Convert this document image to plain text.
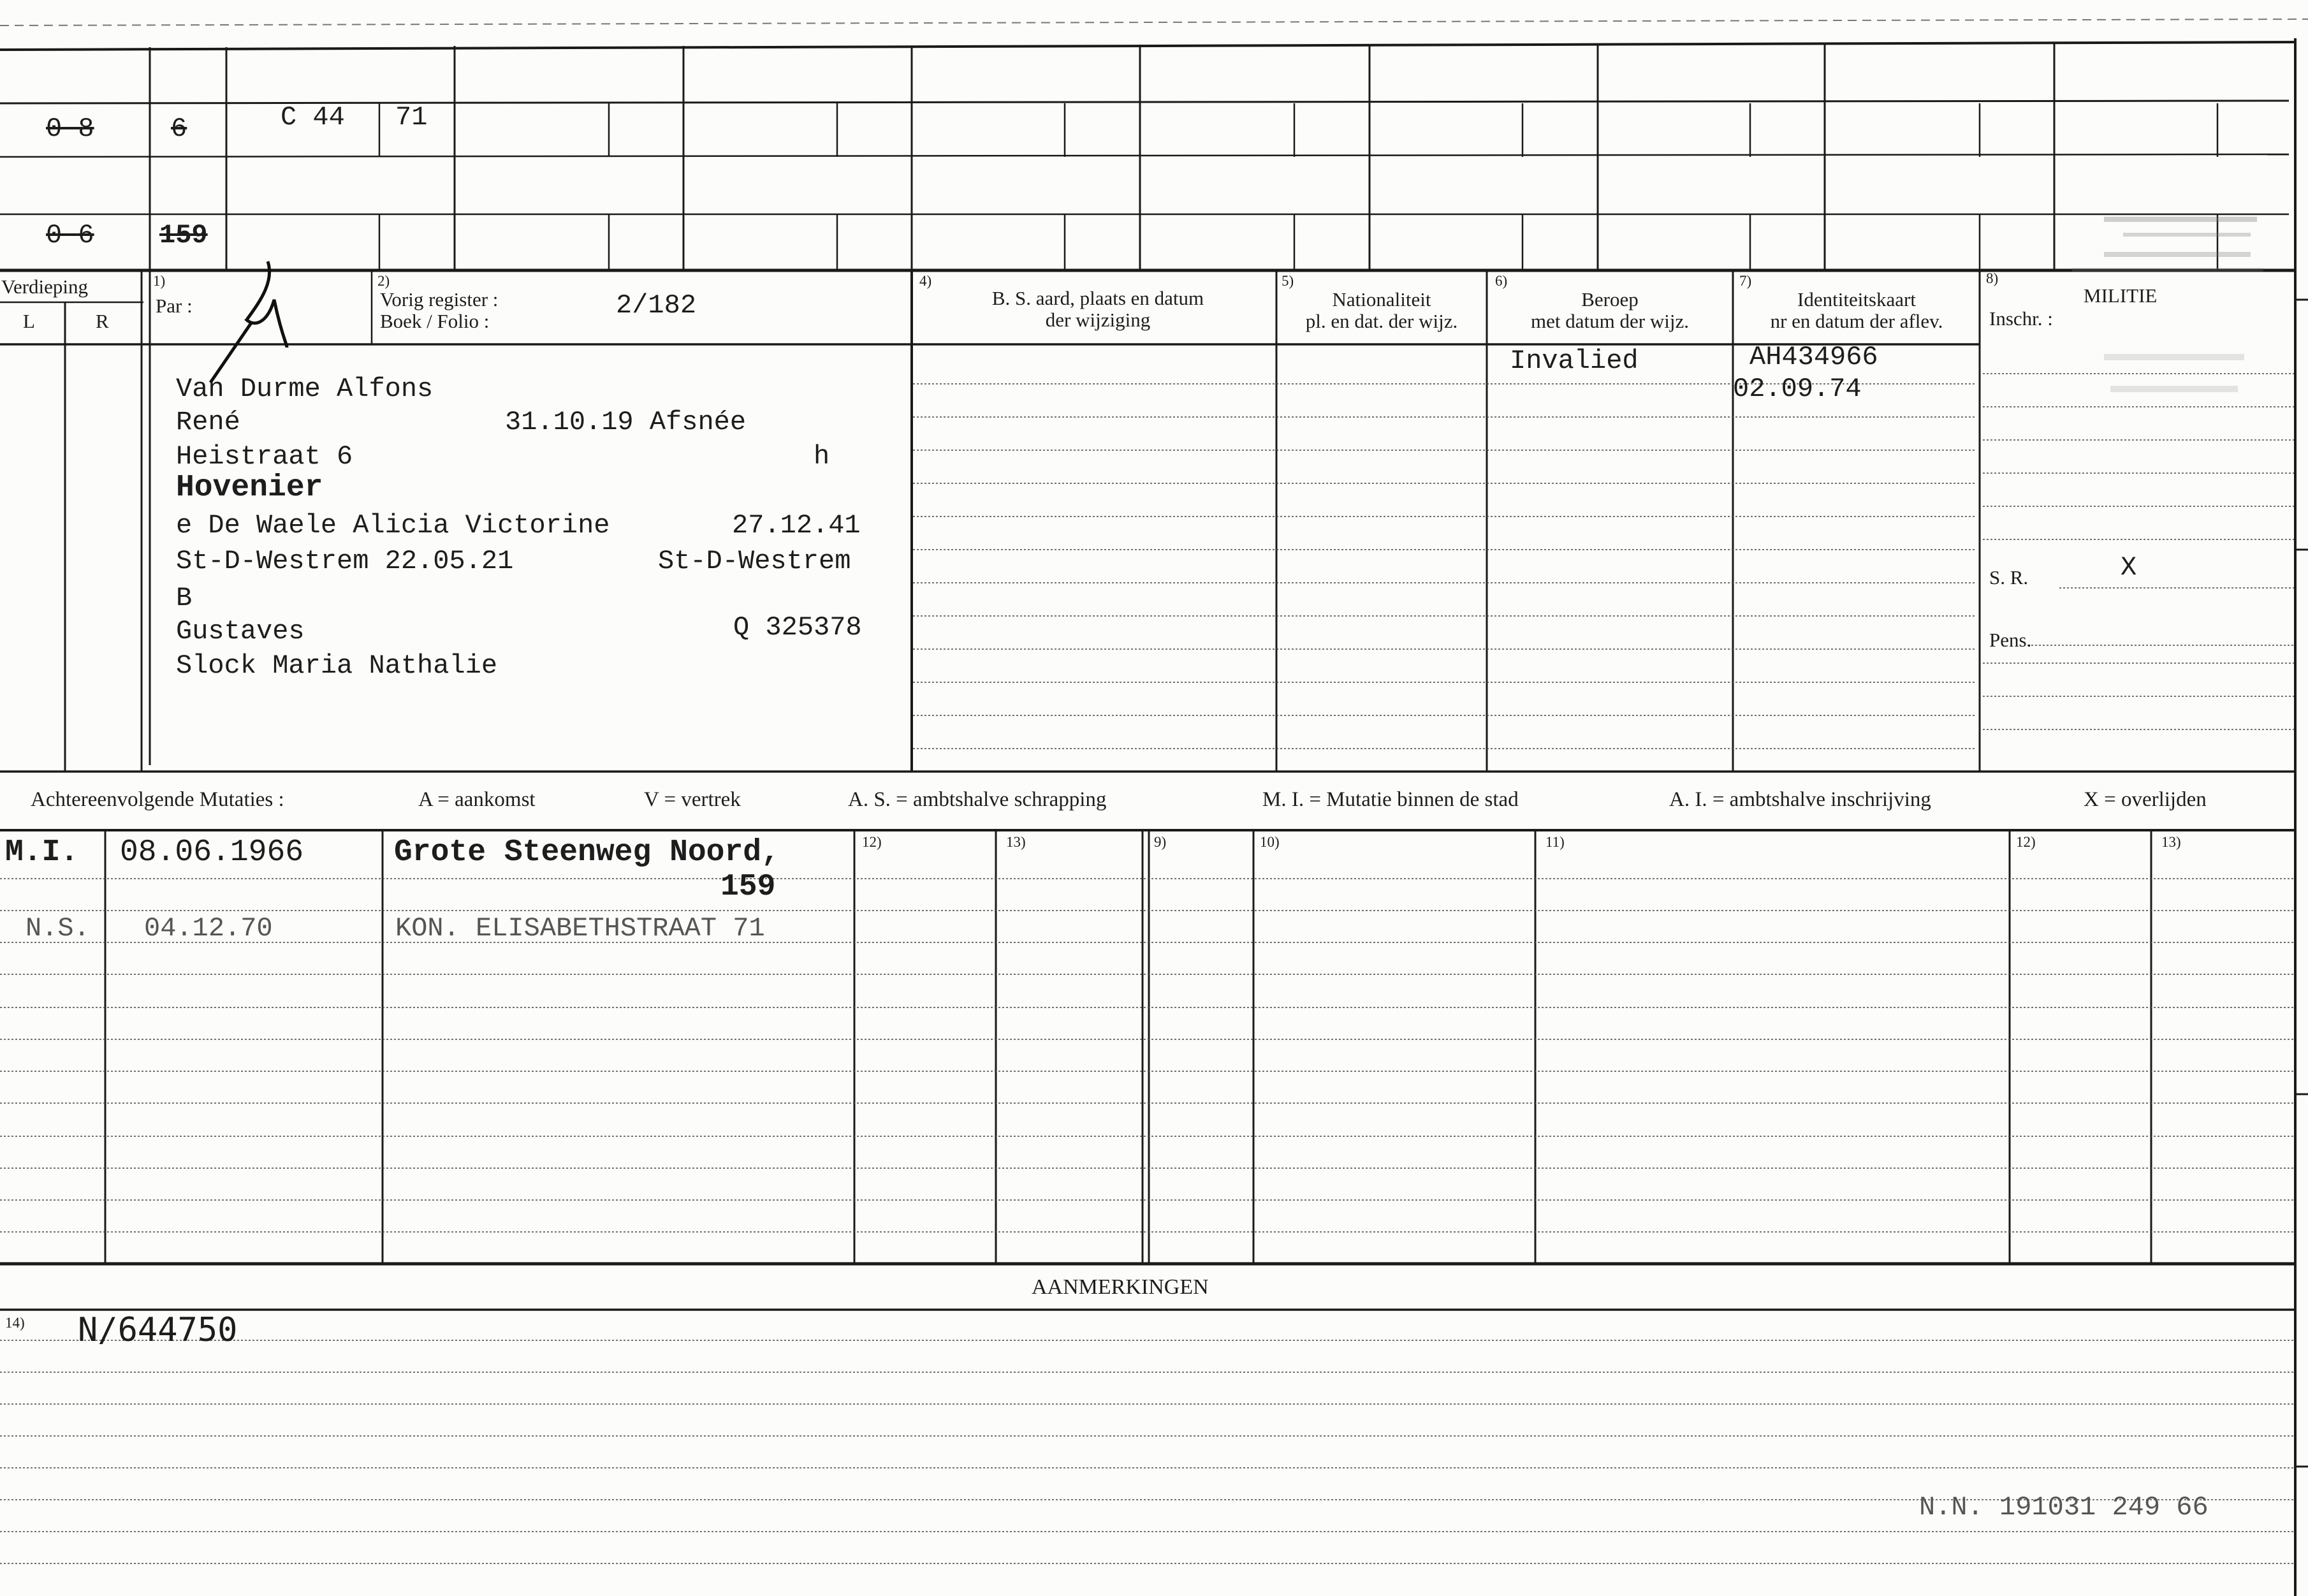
0 8	6	C 44 71
0 6 159
Verdieping
L	R
1)
Par :
2)
Vorig register :
Boek / Folio :
2/182
4)
B. S. aard, plaats en datum
der wijziging
5)
Nationaliteit
pl. en dat. der wijz.
6)
Beroep
met datum der wijz.
7)
Identiteitskaart
nr en datum der aflev.
8)
MILITIE
Inschr. :
Van Durme Alfons
René	31.10.19 Afsnée
Heistraat 6	h
Hovenier
e De Waele Alicia Victorine	27.12.41
St-D-Westrem 22.05.21	St-D-Westrem
B
Gustaves	Q 325378
Slock Maria Nathalie
Invalied	AH434966
02.09.74
S. R.	X
Pens.
Achtereenvolgende Mutaties :	A = aankomst	V = vertrek	A. S. = ambtshalve schrapping	M. I. = Mutatie binnen de stad	A. I. = ambtshalve inschrijving	X = overlijden
12)	13)	9)	10)	11)	12)	13)
M.I. 08.06.1966	Grote Steenweg Noord,
159
N.S. 04.12.70	KON. ELISABETHSTRAAT 71
AANMERKINGEN
14) N/644750
N.N. 191031 249 66
